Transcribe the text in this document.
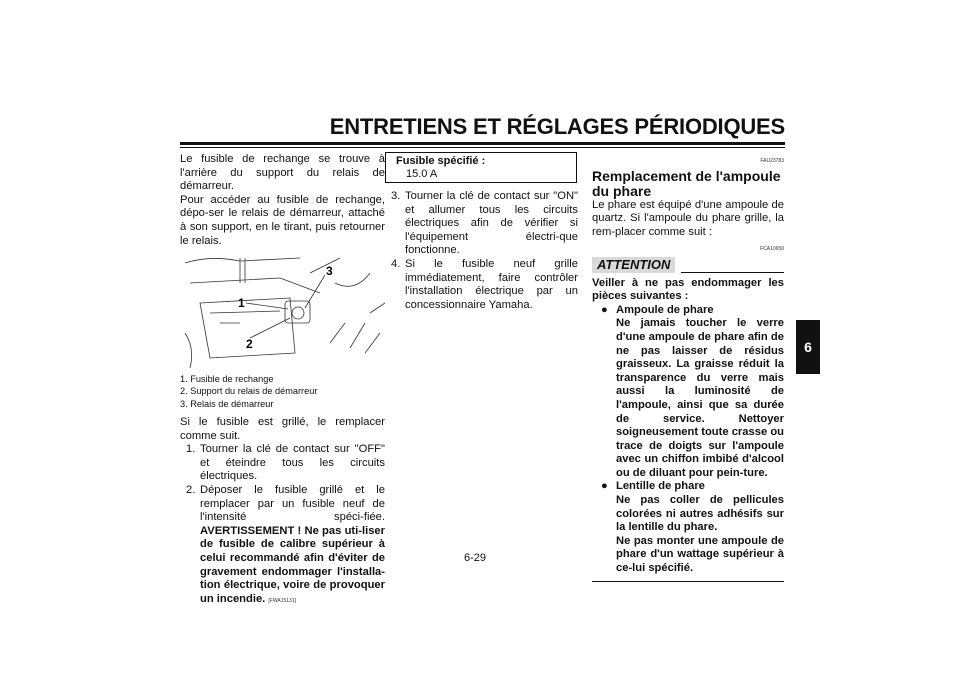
ENTRETIENS ET RÉGLAGES PÉRIODIQUES

Le fusible de rechange se trouve à l'arrière du support du relais de démarreur.

Pour accéder au fusible de rechange, dépo-ser le relais de démarreur, attaché à son support, en le tirant, puis retourner le relais.

1
2
3
1. Fusible de rechange
2. Support du relais de démarreur
3. Relais de démarreur

Si le fusible est grillé, le remplacer comme suit.

1. Tourner la clé de contact sur "OFF" et éteindre tous les circuits électriques.
2. Déposer le fusible grillé et le remplacer par un fusible neuf de l'intensité spéci-fiée. AVERTISSEMENT ! Ne pas uti-liser de fusible de calibre supérieur à celui recommandé afin d'éviter de gravement endommager l'installa-tion électrique, voire de provoquer un incendie. [FWA15131]
Fusible spécifié :
15.0 A
3. Tourner la clé de contact sur "ON" et allumer tous les circuits électriques afin de vérifier si l'équipement électri-que fonctionne.
4. Si le fusible neuf grille immédiatement, faire contrôler l'installation électrique par un concessionnaire Yamaha.
FAU23783
Remplacement de l'ampoule du phare

Le phare est équipé d'une ampoule de quartz. Si l'ampoule du phare grille, la rem-placer comme suit :

FCA10650
ATTENTION

Veiller à ne pas endommager les pièces suivantes :

● Ampoule de phare
Ne jamais toucher le verre d'une ampoule de phare afin de ne pas laisser de résidus graisseux. La graisse réduit la transparence du verre mais aussi la luminosité de l'ampoule, ainsi que sa durée de service. Nettoyer soigneusement toute crasse ou trace de doigts sur l'ampoule avec un chiffon imbibé d'alcool ou de diluant pour pein-ture.
● Lentille de phare
Ne pas coller de pellicules colorées ni autres adhésifs sur la lentille du phare.
Ne pas monter une ampoule de phare d'un wattage supérieur à ce-lui spécifié.
6
6-29
